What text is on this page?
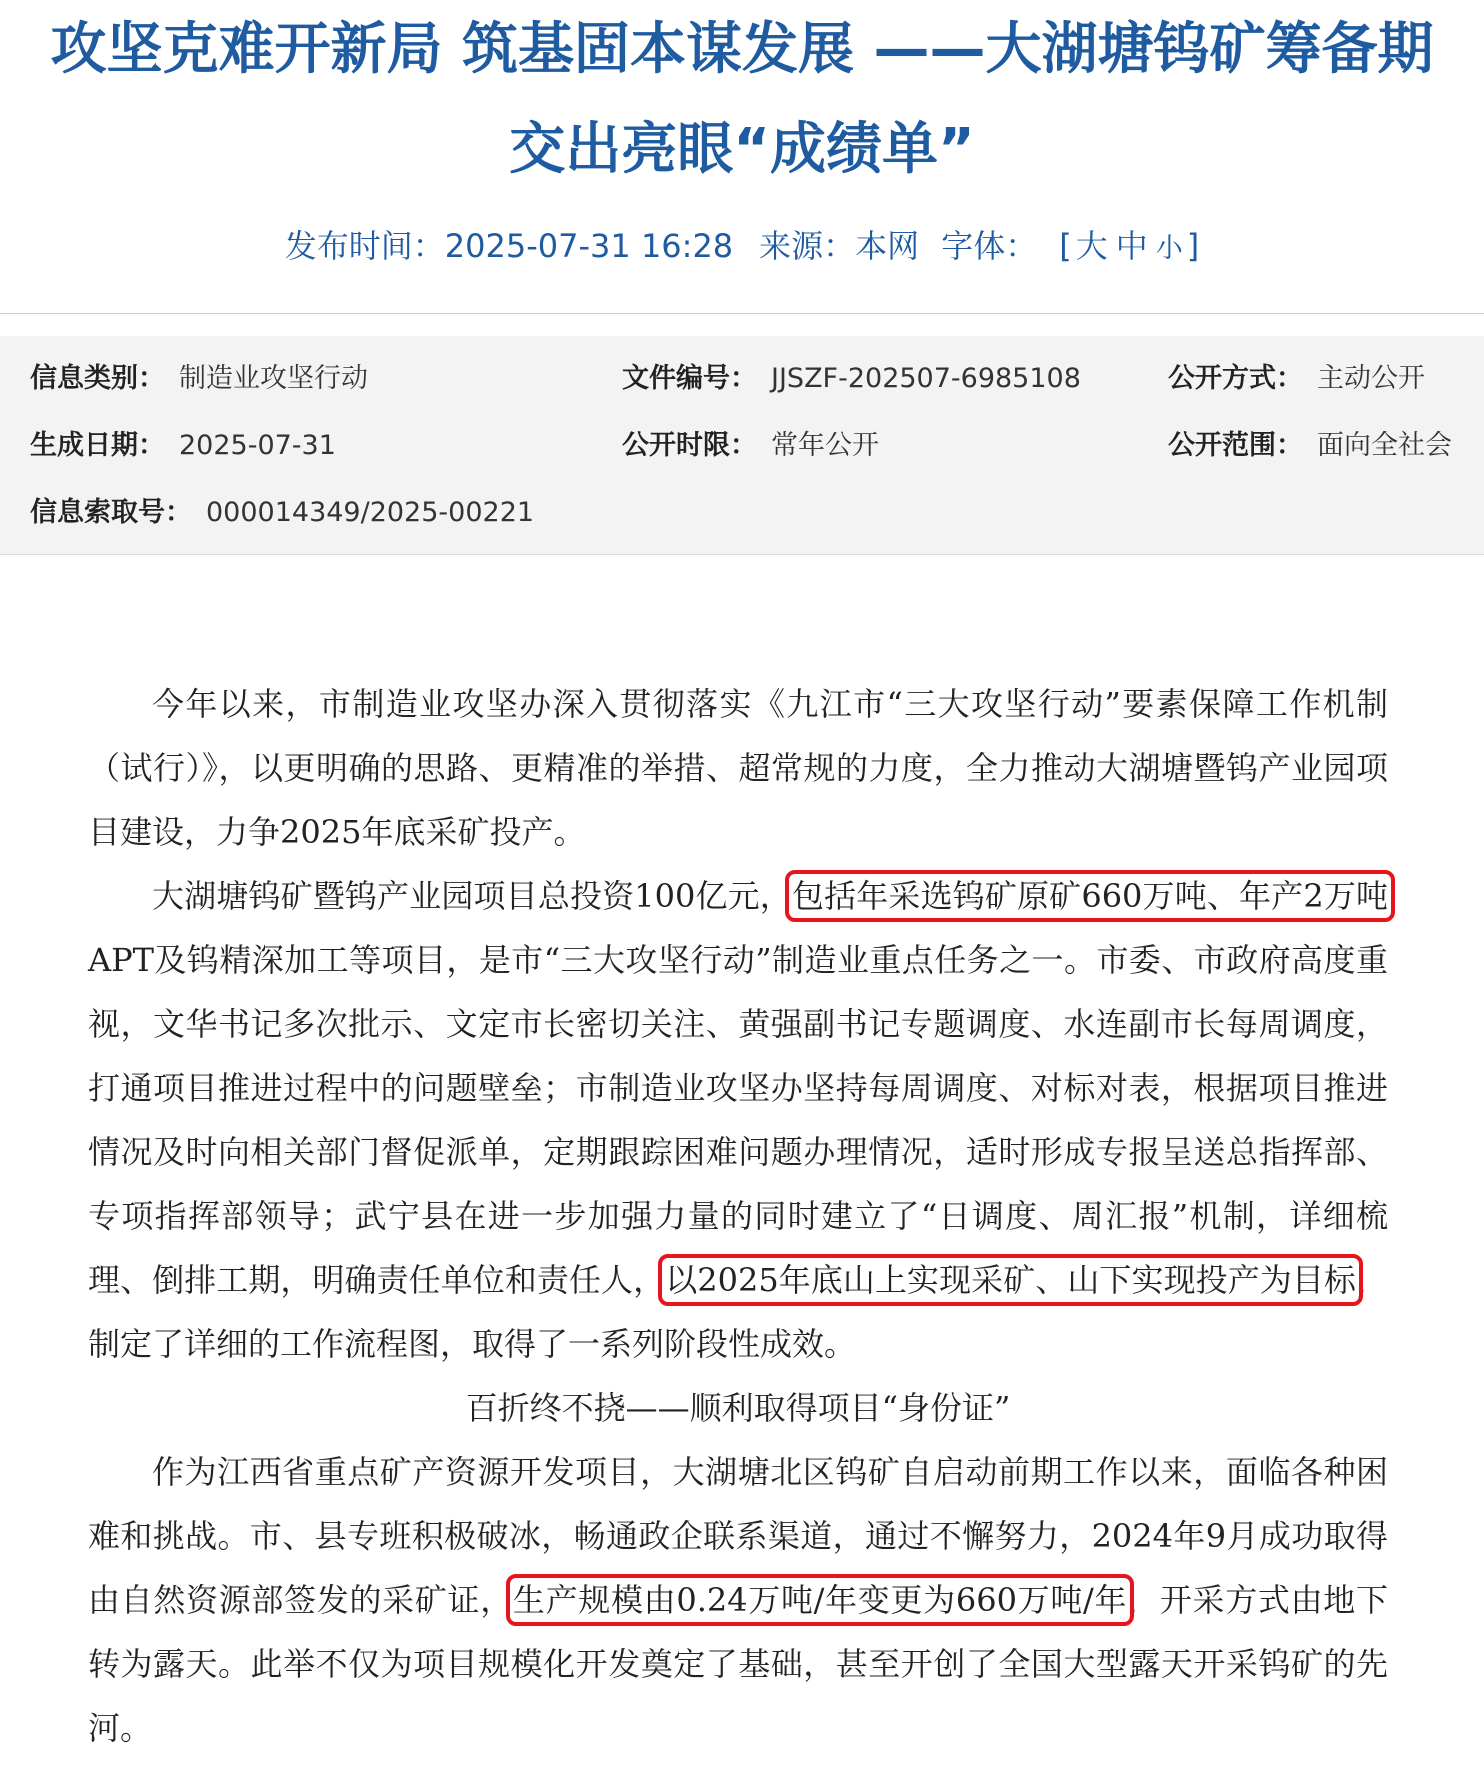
攻坚克难开新局 筑基固本谋发展 ——大湖塘钨矿筹备期交出亮眼“成绩单”
发布时间：2025-07-31 16:28 来源：本网 字体： [ 大 中 小 ]
信息类别： 制造业攻坚行动	文件编号： JJSZF-202507-6985108	公开方式： 主动公开
生成日期： 2025-07-31	公开时限： 常年公开	公开范围： 面向全社会
信息索取号： 000014349/2025-00221

今年以来，市制造业攻坚办深入贯彻落实《九江市“三大攻坚行动”要素保障工作机制（试行）》，以更明确的思路、更精准的举措、超常规的力度，全力推动大湖塘暨钨产业园项目建设，力争2025年底采矿投产。

大湖塘钨矿暨钨产业园项目总投资100亿元，包括年采选钨矿原矿660万吨、年产2万吨APT及钨精深加工等项目，是市“三大攻坚行动”制造业重点任务之一。市委、市政府高度重视，文华书记多次批示、文定市长密切关注、黄强副书记专题调度、水连副市长每周调度，打通项目推进过程中的问题壁垒；市制造业攻坚办坚持每周调度、对标对表，根据项目推进情况及时向相关部门督促派单，定期跟踪困难问题办理情况，适时形成专报呈送总指挥部、专项指挥部领导；武宁县在进一步加强力量的同时建立了“日调度、周汇报”机制，详细梳理、倒排工期，明确责任单位和责任人，以2025年底山上实现采矿、山下实现投产为目标，制定了详细的工作流程图，取得了一系列阶段性成效。

百折终不挠——顺利取得项目“身份证”

作为江西省重点矿产资源开发项目，大湖塘北区钨矿自启动前期工作以来，面临各种困难和挑战。市、县专班积极破冰，畅通政企联系渠道，通过不懈努力，2024年9月成功取得由自然资源部签发的采矿证，生产规模由0.24万吨/年变更为660万吨/年，开采方式由地下转为露天。此举不仅为项目规模化开发奠定了基础，甚至开创了全国大型露天开采钨矿的先河。
